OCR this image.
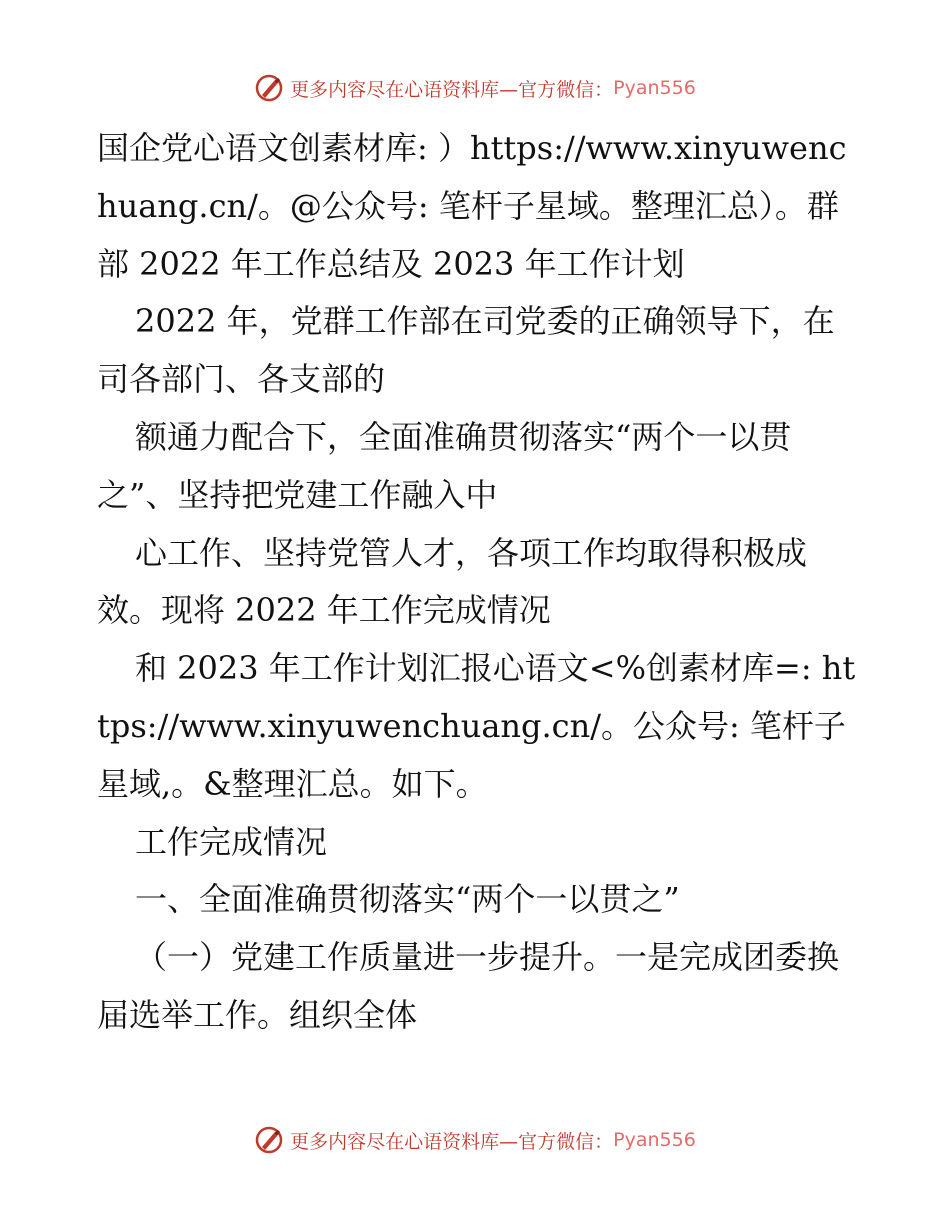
更多内容尽在心语资料库—官方微信： Pyan556

国企党心语文创素材库: ）https://www.xinyuwenchuang.cn/。@公众号: 笔杆子星域。整理汇总）。群部 2022 年工作总结及 2023 年工作计划

2022 年，党群工作部在司党委的正确领导下，在司各部门、各支部的

额通力配合下，全面准确贯彻落实“两个一以贯之”、坚持把党建工作融入中

心工作、坚持党管人才，各项工作均取得积极成效。现将 2022 年工作完成情况

和 2023 年工作计划汇报心语文<%创素材库=: https://www.xinyuwenchuang.cn/。公众号: 笔杆子星域,。&整理汇总。如下。

工作完成情况

一、全面准确贯彻落实“两个一以贯之”

（一）党建工作质量进一步提升。一是完成团委换届选举工作。组织全体

更多内容尽在心语资料库—官方微信： Pyan556
